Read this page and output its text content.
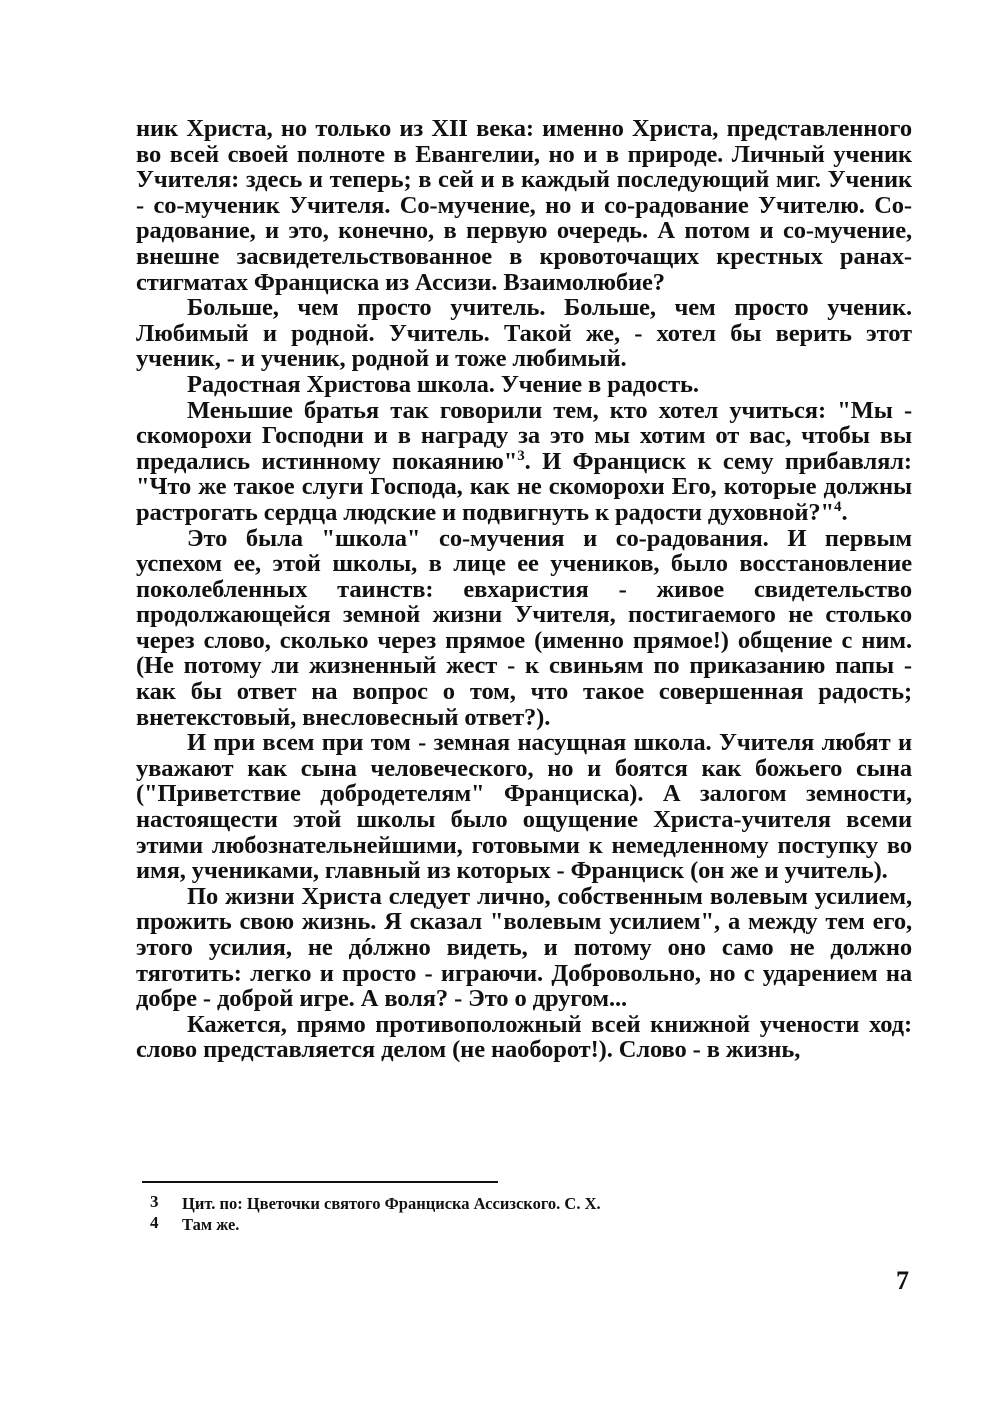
ник Христа, но только из XII века: именно Христа, представленного во всей своей полноте в Евангелии, но и в природе. Личный ученик Учителя: здесь и теперь; в сей и в каждый последующий миг. Ученик - со-мученик Учителя. Со-мучение, но и со-радование Учителю. Со-радование, и это, конечно, в первую очередь. А потом и со-мучение, внешне засвидетельствованное в кровоточащих крестных ранах-стигматах Франциска из Ассизи. Взаимолюбие?

Больше, чем просто учитель. Больше, чем просто ученик. Любимый и родной. Учитель. Такой же, - хотел бы верить этот ученик, - и ученик, родной и тоже любимый.

Радостная Христова школа. Учение в радость.

Меньшие братья так говорили тем, кто хотел учиться: "Мы - скоморохи Господни и в награду за это мы хотим от вас, чтобы вы предались истинному покаянию"$^3$. И Франциск к сему прибавлял: "Что же такое слуги Господа, как не скоморохи Его, которые должны растрогать сердца людские и подвигнуть к радости духовной?"$^4$.

Это была "школа" со-мучения и со-радования. И первым успехом ее, этой школы, в лице ее учеников, было восстановление поколебленных таинств: евхаристия - живое свидетельство продолжающейся земной жизни Учителя, постигаемого не столько через слово, сколько через прямое (именно прямое!) общение с ним. (Не потому ли жизненный жест - к свиньям по приказанию папы - как бы ответ на вопрос о том, что такое совершенная радость; внетекстовый, внесловесный ответ?).

И при всем при том - земная насущная школа. Учителя любят и уважают как сына человеческого, но и боятся как божьего сына ("Приветствие добродетелям" Франциска). А залогом земности, настоящести этой школы было ощущение Христа-учителя всеми этими любознательнейшими, готовыми к немедленному поступку во имя, учениками, главный из которых - Франциск (он же и учитель).

По жизни Христа следует лично, собственным волевым усилием, прожить свою жизнь. Я сказал "волевым усилием", а между тем его, этого усилия, не дóлжно видеть, и потому оно само не должно тяготить: легко и просто - играючи. Добровольно, но с ударением на добре - доброй игре. А воля? - Это о другом...

Кажется, прямо противоположный всей книжной учености ход: слово представляется делом (не наоборот!). Слово - в жизнь,

3 Цит. по: Цветочки святого Франциска Ассизского. С. Х.
4 Там же.
7
